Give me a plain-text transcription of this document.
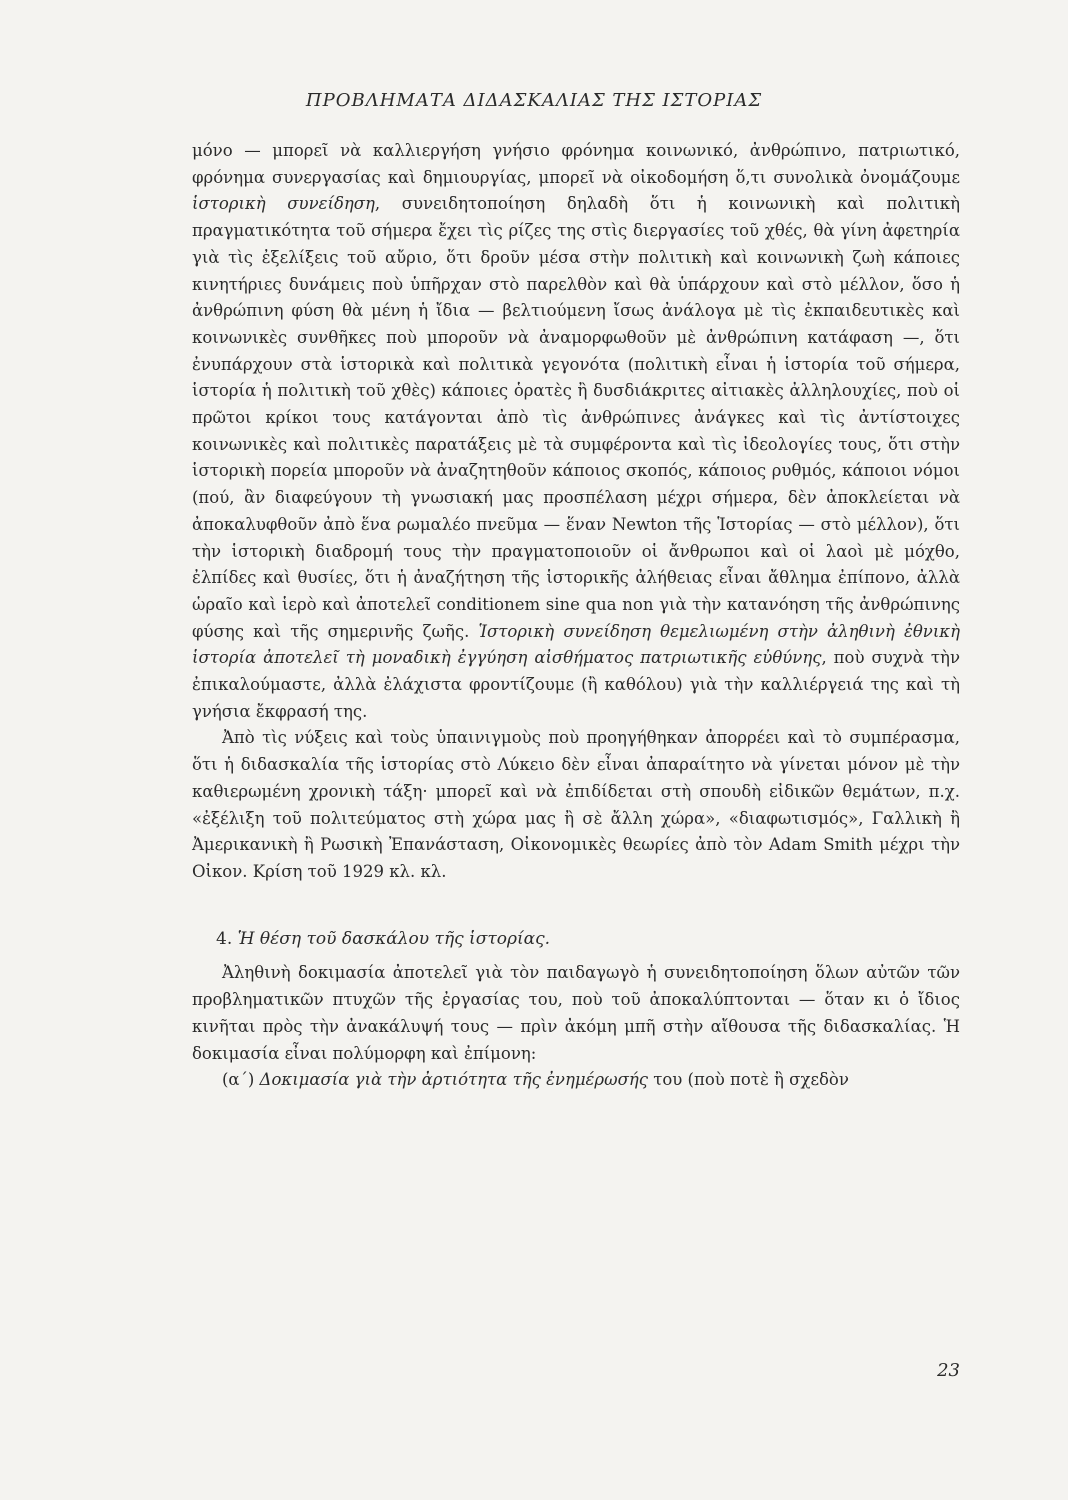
ΠΡΟΒΛΗΜΑΤΑ ΔΙΔΑΣΚΑΛΙΑΣ ΤΗΣ ΙΣΤΟΡΙΑΣ

μόνο — μπορεῖ νὰ καλλιεργήση γνήσιο φρόνημα κοινωνικό, ἀνθρώπινο, πατριωτικό, φρόνημα συνεργασίας καὶ δημιουργίας, μπορεῖ νὰ οἰκοδομήση ὅ,τι συνολικὰ ὀνομάζουμε ἱστορικὴ συνείδηση, συνειδητοποίηση δηλαδὴ ὅτι ἡ κοινωνικὴ καὶ πολιτικὴ πραγματικότητα τοῦ σήμερα ἔχει τὶς ρίζες της στὶς διεργασίες τοῦ χθές, θὰ γίνη ἀφετηρία γιὰ τὶς ἐξελίξεις τοῦ αὔριο, ὅτι δροῦν μέσα στὴν πολιτικὴ καὶ κοινωνικὴ ζωὴ κάποιες κινητήριες δυνάμεις ποὺ ὑπῆρχαν στὸ παρελθὸν καὶ θὰ ὑπάρχουν καὶ στὸ μέλλον, ὅσο ἡ ἀνθρώπινη φύση θὰ μένη ἡ ἴδια — βελτιούμενη ἴσως ἀνάλογα μὲ τὶς ἐκπαιδευτικὲς καὶ κοινωνικὲς συνθῆκες ποὺ μποροῦν νὰ ἀναμορφωθοῦν μὲ ἀνθρώπινη κατάφαση —, ὅτι ἐνυπάρχουν στὰ ἱστορικὰ καὶ πολιτικὰ γεγονότα (πολιτικὴ εἶναι ἡ ἱστορία τοῦ σήμερα, ἱστορία ἡ πολιτικὴ τοῦ χθὲς) κάποιες ὁρατὲς ἢ δυσδιάκριτες αἰτιακὲς ἀλληλουχίες, ποὺ οἱ πρῶτοι κρίκοι τους κατάγονται ἀπὸ τὶς ἀνθρώπινες ἀνάγκες καὶ τὶς ἀντίστοιχες κοινωνικὲς καὶ πολιτικὲς παρατάξεις μὲ τὰ συμφέροντα καὶ τὶς ἰδεολογίες τους, ὅτι στὴν ἱστορικὴ πορεία μποροῦν νὰ ἀναζητηθοῦν κάποιος σκοπός, κάποιος ρυθμός, κάποιοι νόμοι (πού, ἂν διαφεύγουν τὴ γνωσιακή μας προσπέλαση μέχρι σήμερα, δὲν ἀποκλείεται νὰ ἀποκαλυφθοῦν ἀπὸ ἕνα ρωμαλέο πνεῦμα — ἕναν Newton τῆς Ἱστορίας — στὸ μέλλον), ὅτι τὴν ἱστορικὴ διαδρομή τους τὴν πραγματοποιοῦν οἱ ἄνθρωποι καὶ οἱ λαοὶ μὲ μόχθο, ἐλπίδες καὶ θυσίες, ὅτι ἡ ἀναζήτηση τῆς ἱστορικῆς ἀλήθειας εἶναι ἄθλημα ἐπίπονο, ἀλλὰ ὡραῖο καὶ ἱερὸ καὶ ἀποτελεῖ conditionem sine qua non γιὰ τὴν κατανόηση τῆς ἀνθρώπινης φύσης καὶ τῆς σημερινῆς ζωῆς. Ἱστορικὴ συνείδηση θεμελιωμένη στὴν ἀληθινὴ ἐθνικὴ ἱστορία ἀποτελεῖ τὴ μοναδικὴ ἐγγύηση αἰσθήματος πατριωτικῆς εὐθύνης, ποὺ συχνὰ τὴν ἐπικαλούμαστε, ἀλλὰ ἐλάχιστα φροντίζουμε (ἢ καθόλου) γιὰ τὴν καλλιέργειά της καὶ τὴ γνήσια ἔκφρασή της.

Ἀπὸ τὶς νύξεις καὶ τοὺς ὑπαινιγμοὺς ποὺ προηγήθηκαν ἀπορρέει καὶ τὸ συμπέρασμα, ὅτι ἡ διδασκαλία τῆς ἱστορίας στὸ Λύκειο δὲν εἶναι ἀπαραίτητο νὰ γίνεται μόνον μὲ τὴν καθιερωμένη χρονικὴ τάξη· μπορεῖ καὶ νὰ ἐπιδίδεται στὴ σπουδὴ εἰδικῶν θεμάτων, π.χ. «ἐξέλιξη τοῦ πολιτεύματος στὴ χώρα μας ἢ σὲ ἄλλη χώρα», «διαφωτισμός», Γαλλικὴ ἢ Ἀμερικανικὴ ἢ Ρωσικὴ Ἐπανάσταση, Οἰκονομικὲς θεωρίες ἀπὸ τὸν Adam Smith μέχρι τὴν Οἰκον. Κρίση τοῦ 1929 κλ. κλ.

4. Ἡ θέση τοῦ δασκάλου τῆς ἱστορίας.

Ἀληθινὴ δοκιμασία ἀποτελεῖ γιὰ τὸν παιδαγωγὸ ἡ συνειδητοποίηση ὅλων αὐτῶν τῶν προβληματικῶν πτυχῶν τῆς ἐργασίας του, ποὺ τοῦ ἀποκαλύπτονται — ὅταν κι ὁ ἴδιος κινῆται πρὸς τὴν ἀνακάλυψή τους — πρὶν ἀκόμη μπῆ στὴν αἴθουσα τῆς διδασκαλίας. Ἡ δοκιμασία εἶναι πολύμορφη καὶ ἐπίμονη:

(α΄) Δοκιμασία γιὰ τὴν ἀρτιότητα τῆς ἐνημέρωσής του (ποὺ ποτὲ ἢ σχεδὸν

23
